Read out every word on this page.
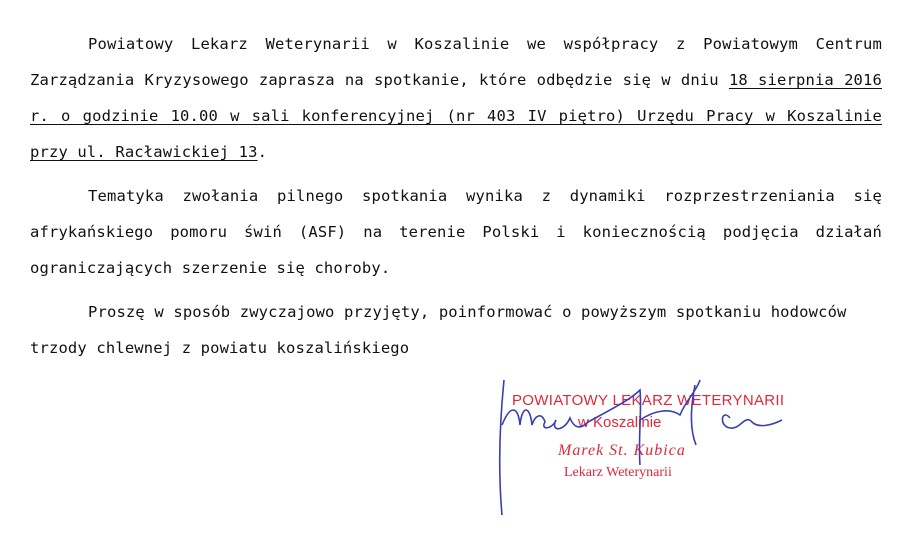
Powiatowy Lekarz Weterynarii w Koszalinie we współpracy z Powiatowym Centrum Zarządzania Kryzysowego zaprasza na spotkanie, które odbędzie się w dniu 18 sierpnia 2016 r. o godzinie 10.00 w sali konferencyjnej (nr 403 IV piętro) Urzędu Pracy w Koszalinie przy ul. Racławickiej 13.

Tematyka zwołania pilnego spotkania wynika z dynamiki rozprzestrzeniania się afrykańskiego pomoru świń (ASF) na terenie Polski i koniecznością podjęcia działań ograniczających szerzenie się choroby.

Proszę w sposób zwyczajowo przyjęty, poinformować o powyższym spotkaniu hodowców trzody chlewnej z powiatu koszalińskiego

POWIATOWY LEKARZ WETERYNARII
w Koszalinie
Marek St. Kubica
Lekarz Weterynarii
